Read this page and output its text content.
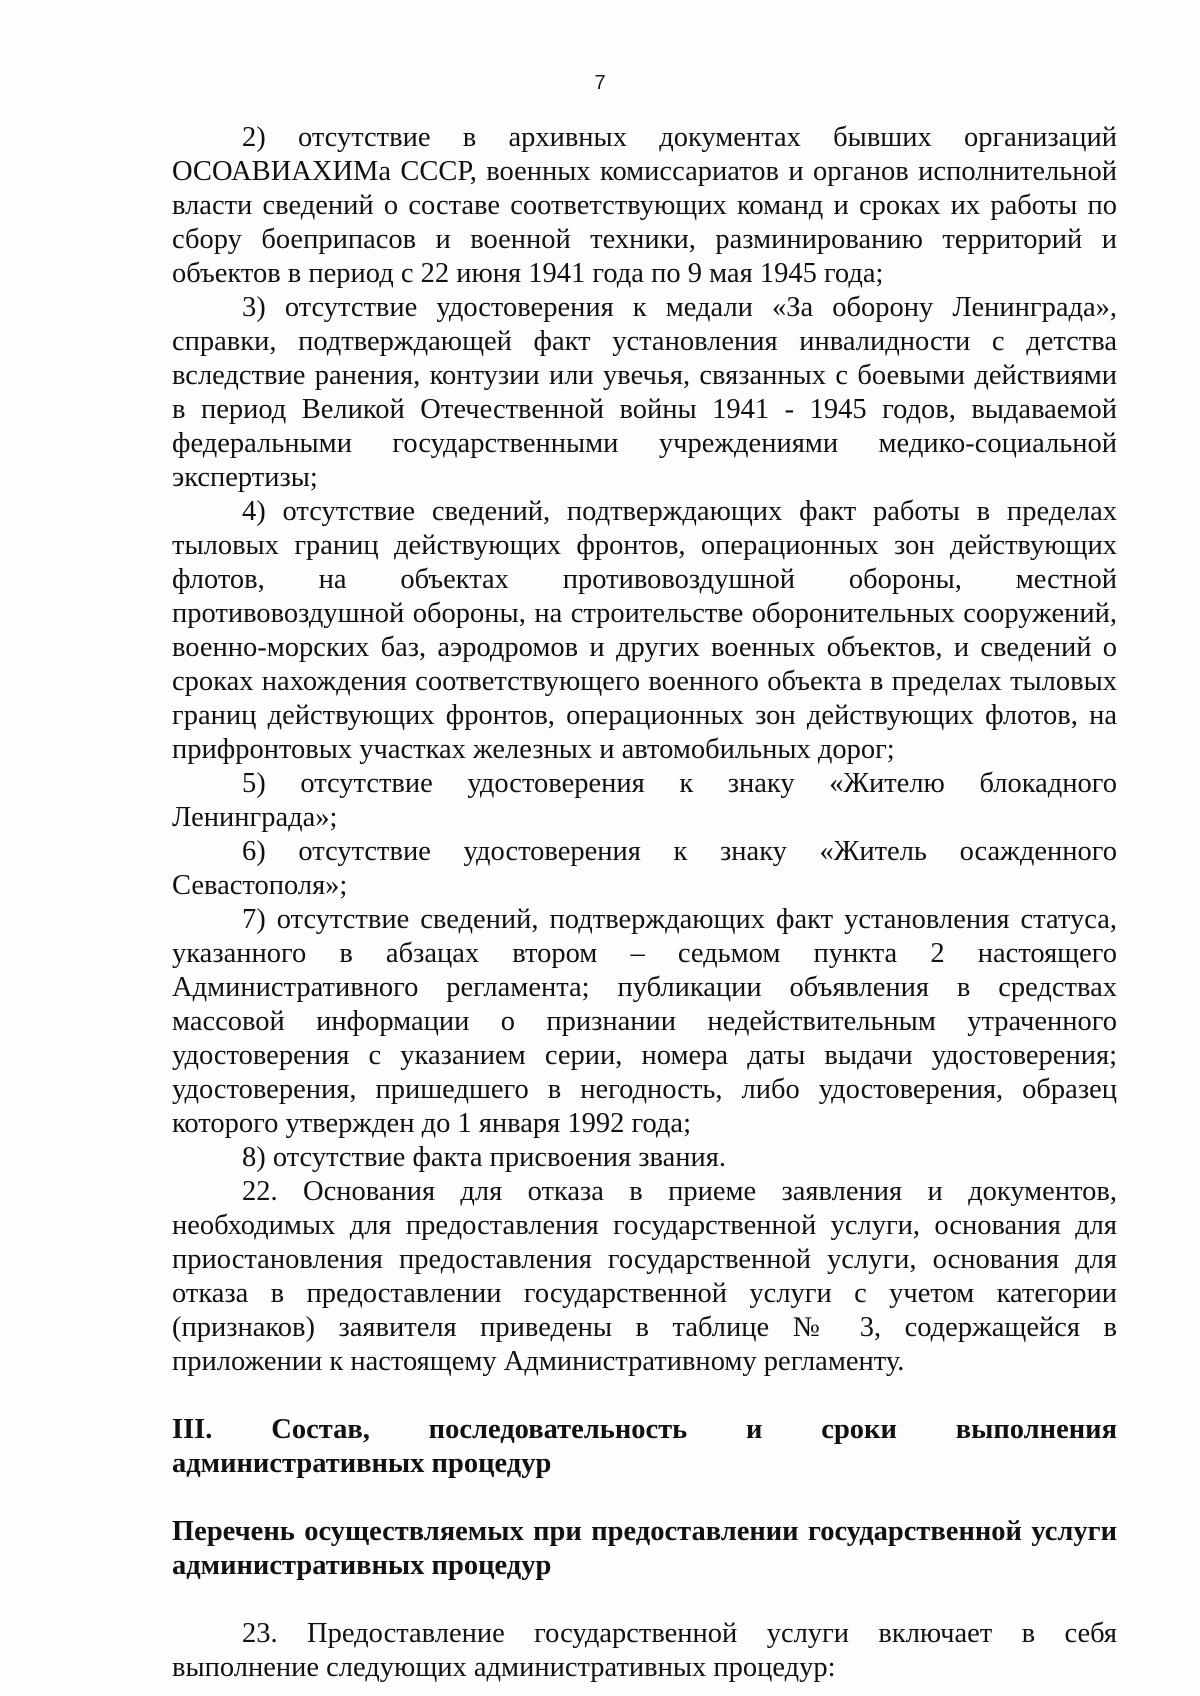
7

2) отсутствие в архивных документах бывших организаций ОСОАВИАХИМа СССР, военных комиссариатов и органов исполнительной власти сведений о составе соответствующих команд и сроках их работы по сбору боеприпасов и военной техники, разминированию территорий и объектов в период с 22 июня 1941 года по 9 мая 1945 года;

3) отсутствие удостоверения к медали «За оборону Ленинграда», справки, подтверждающей факт установления инвалидности с детства вследствие ранения, контузии или увечья, связанных с боевыми действиями в период Великой Отечественной войны 1941 - 1945 годов, выдаваемой федеральными государственными учреждениями медико-социальной экспертизы;

4) отсутствие сведений, подтверждающих факт работы в пределах тыловых границ действующих фронтов, операционных зон действующих флотов, на объектах противовоздушной обороны, местной противовоздушной обороны, на строительстве оборонительных сооружений, военно-морских баз, аэродромов и других военных объектов, и сведений о сроках нахождения соответствующего военного объекта в пределах тыловых границ действующих фронтов, операционных зон действующих флотов, на прифронтовых участках железных и автомобильных дорог;

5) отсутствие удостоверения к знаку «Жителю блокадного Ленинграда»;

6) отсутствие удостоверения к знаку «Житель осажденного Севастополя»;

7) отсутствие сведений, подтверждающих факт установления статуса, указанного в абзацах втором – седьмом пункта 2 настоящего Административного регламента; публикации объявления в средствах массовой информации о признании недействительным утраченного удостоверения с указанием серии, номера даты выдачи удостоверения; удостоверения, пришедшего в негодность, либо удостоверения, образец которого утвержден до 1 января 1992 года;

8) отсутствие факта присвоения звания.

22. Основания для отказа в приеме заявления и документов, необходимых для предоставления государственной услуги, основания для приостановления предоставления государственной услуги, основания для отказа в предоставлении государственной услуги с учетом категории (признаков) заявителя приведены в таблице № 3, содержащейся в приложении к настоящему Административному регламенту.

III. Состав, последовательность и сроки выполнения административных процедур

Перечень осуществляемых при предоставлении государственной услуги административных процедур

23. Предоставление государственной услуги включает в себя выполнение следующих административных процедур:
